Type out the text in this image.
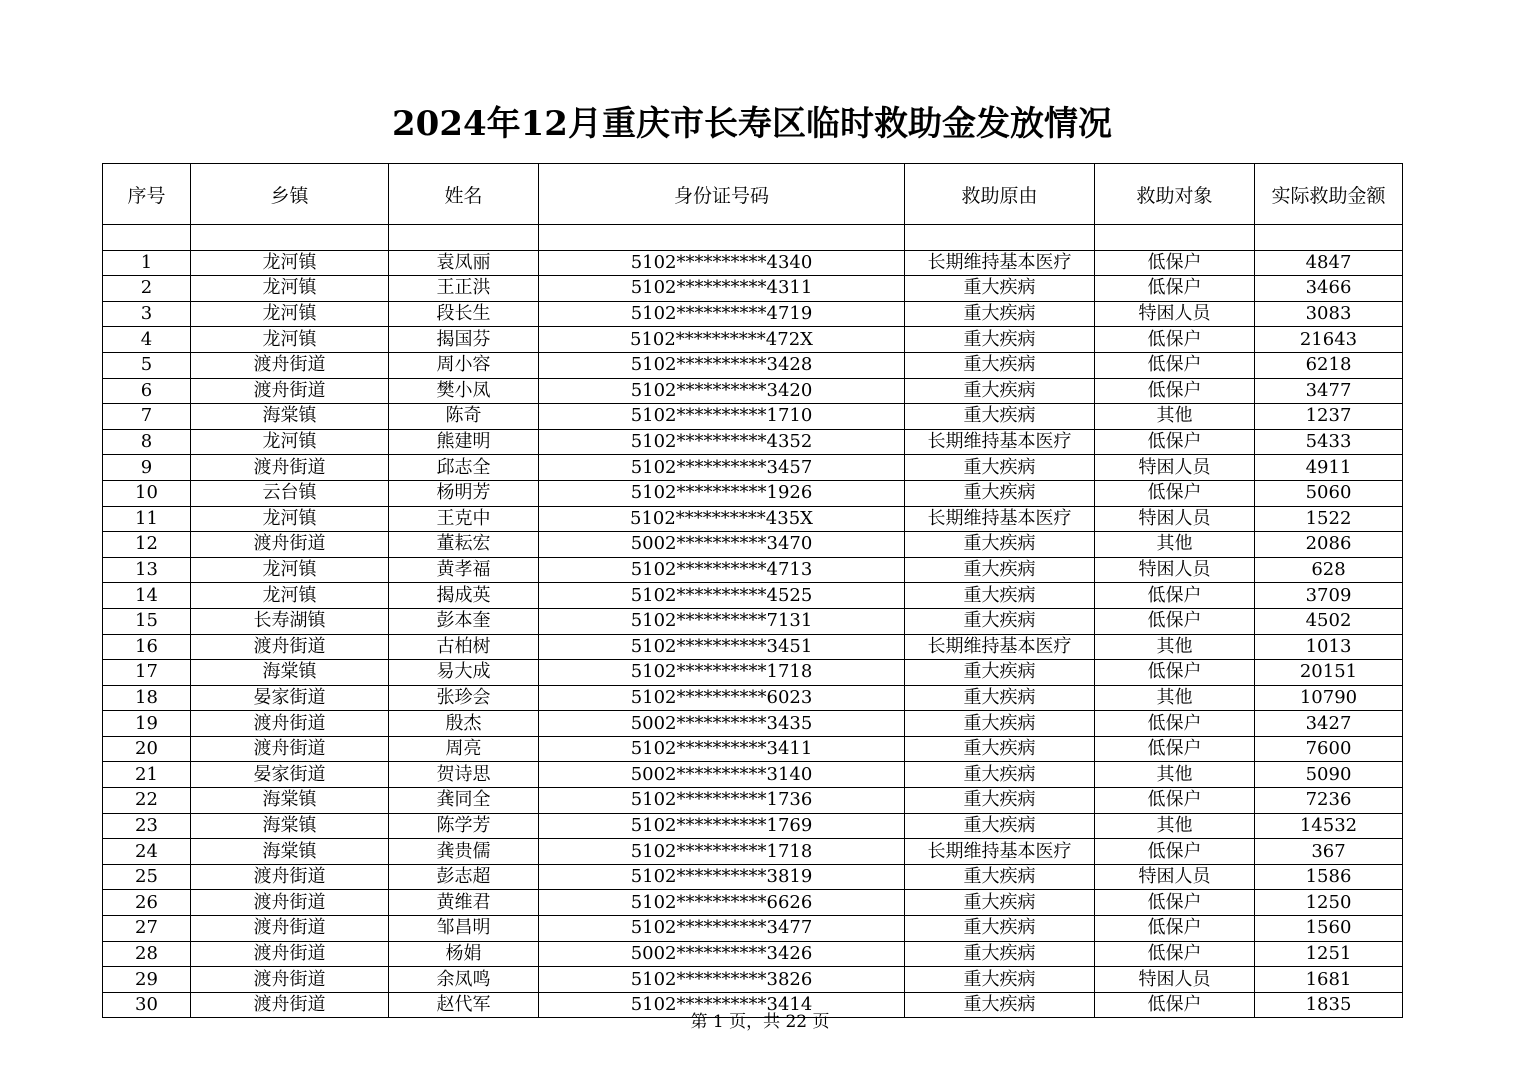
2024年12月重庆市长寿区临时救助金发放情况
序号	乡镇	姓名	身份证号码	救助原由	救助对象	实际救助金额

1	龙河镇	袁凤丽	5102**********4340	长期维持基本医疗	低保户	4847
2	龙河镇	王正洪	5102**********4311	重大疾病	低保户	3466
3	龙河镇	段长生	5102**********4719	重大疾病	特困人员	3083
4	龙河镇	揭国芬	5102**********472X	重大疾病	低保户	21643
5	渡舟街道	周小容	5102**********3428	重大疾病	低保户	6218
6	渡舟街道	樊小凤	5102**********3420	重大疾病	低保户	3477
7	海棠镇	陈奇	5102**********1710	重大疾病	其他	1237
8	龙河镇	熊建明	5102**********4352	长期维持基本医疗	低保户	5433
9	渡舟街道	邱志全	5102**********3457	重大疾病	特困人员	4911
10	云台镇	杨明芳	5102**********1926	重大疾病	低保户	5060
11	龙河镇	王克中	5102**********435X	长期维持基本医疗	特困人员	1522
12	渡舟街道	董耘宏	5002**********3470	重大疾病	其他	2086
13	龙河镇	黄孝福	5102**********4713	重大疾病	特困人员	628
14	龙河镇	揭成英	5102**********4525	重大疾病	低保户	3709
15	长寿湖镇	彭本奎	5102**********7131	重大疾病	低保户	4502
16	渡舟街道	古柏树	5102**********3451	长期维持基本医疗	其他	1013
17	海棠镇	易大成	5102**********1718	重大疾病	低保户	20151
18	晏家街道	张珍会	5102**********6023	重大疾病	其他	10790
19	渡舟街道	殷杰	5002**********3435	重大疾病	低保户	3427
20	渡舟街道	周亮	5102**********3411	重大疾病	低保户	7600
21	晏家街道	贺诗思	5002**********3140	重大疾病	其他	5090
22	海棠镇	龚同全	5102**********1736	重大疾病	低保户	7236
23	海棠镇	陈学芳	5102**********1769	重大疾病	其他	14532
24	海棠镇	龚贵儒	5102**********1718	长期维持基本医疗	低保户	367
25	渡舟街道	彭志超	5102**********3819	重大疾病	特困人员	1586
26	渡舟街道	黄维君	5102**********6626	重大疾病	低保户	1250
27	渡舟街道	邹昌明	5102**********3477	重大疾病	低保户	1560
28	渡舟街道	杨娟	5002**********3426	重大疾病	低保户	1251
29	渡舟街道	余凤鸣	5102**********3826	重大疾病	特困人员	1681
30	渡舟街道	赵代军	5102**********3414	重大疾病	低保户	1835
第 1 页，共 22 页
